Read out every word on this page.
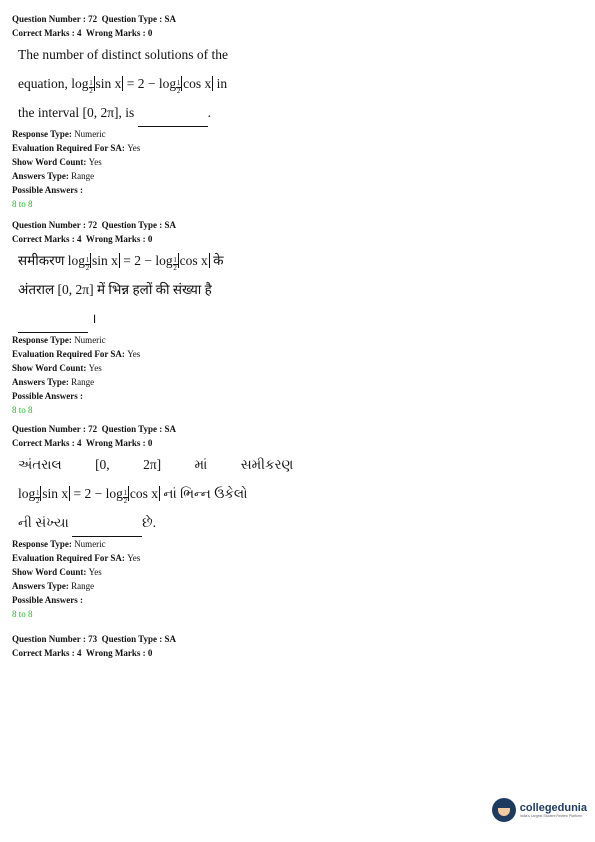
Question Number : 72 Question Type : SA
Correct Marks : 4 Wrong Marks : 0
The number of distinct solutions of the
equation, log $_{\frac{1}{2}}$ sin x = 2 − log $_{\frac{1}{2}}$ cos x in
the interval [0, 2π], is	.
Response Type: Numeric
Evaluation Required For SA: Yes
Show Word Count: Yes
Answers Type: Range
Possible Answers :
8 to 8
Question Number : 72 Question Type : SA
Correct Marks : 4 Wrong Marks : 0
समीकरण log $_{\frac{1}{2}}$ sin x = 2 − log $_{\frac{1}{2}}$ cos x के
अंतराल [0, 2π] में भिन्न हलों की संख्या है
।
Response Type: Numeric
Evaluation Required For SA: Yes
Show Word Count: Yes
Answers Type: Range
Possible Answers :
8 to 8
Question Number : 72 Question Type : SA
Correct Marks : 4 Wrong Marks : 0
અંતરાલ [0, 2π] માં સમીકરણ
log $_{\frac{1}{2}}$ sin x = 2 − log $_{\frac{1}{2}}$ cos x નાં ભિન્ન ઉકેલો
ની સંખ્યા	છે.
Response Type: Numeric
Evaluation Required For SA: Yes
Show Word Count: Yes
Answers Type: Range
Possible Answers :
8 to 8
Question Number : 73 Question Type : SA
Correct Marks : 4 Wrong Marks : 0
collegedunia
India's Largest Student Review Platform
